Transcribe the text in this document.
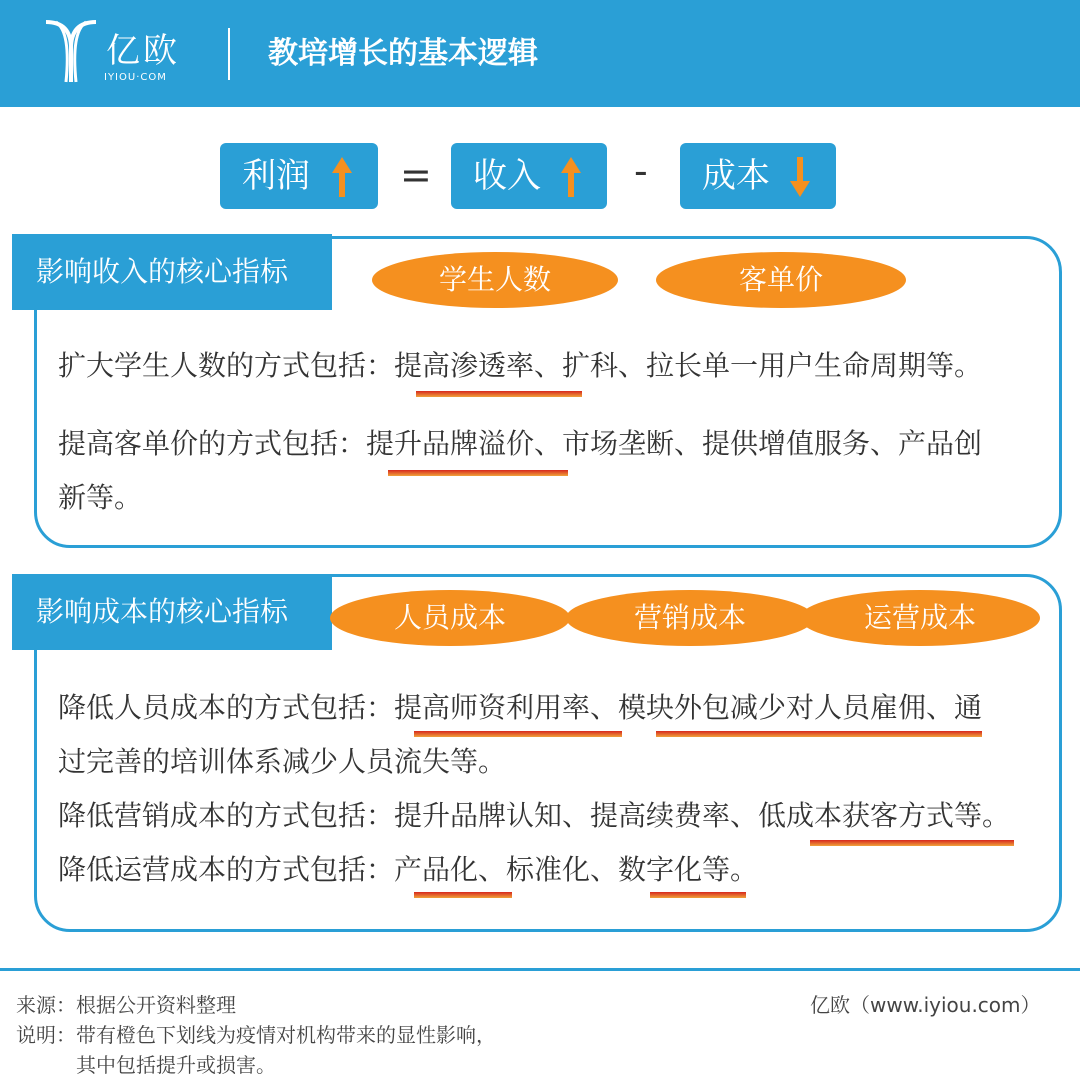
亿欧
IYIOU·COM
教培增长的基本逻辑
利润	=	收入	-	成本
影响收入的核心指标	学生人数	客单价
扩大学生人数的方式包括：提高渗透率、扩科、拉长单一用户生命周期等。
提高客单价的方式包括：提升品牌溢价、市场垄断、提供增值服务、产品创
新等。
影响成本的核心指标	人员成本	营销成本	运营成本
降低人员成本的方式包括：提高师资利用率、模块外包减少对人员雇佣、通
过完善的培训体系减少人员流失等。
降低营销成本的方式包括：提升品牌认知、提高续费率、低成本获客方式等。
降低运营成本的方式包括：产品化、标准化、数字化等。
来源：根据公开资料整理
说明：带有橙色下划线为疫情对机构带来的显性影响，
其中包括提升或损害。
亿欧（www.iyiou.com）
